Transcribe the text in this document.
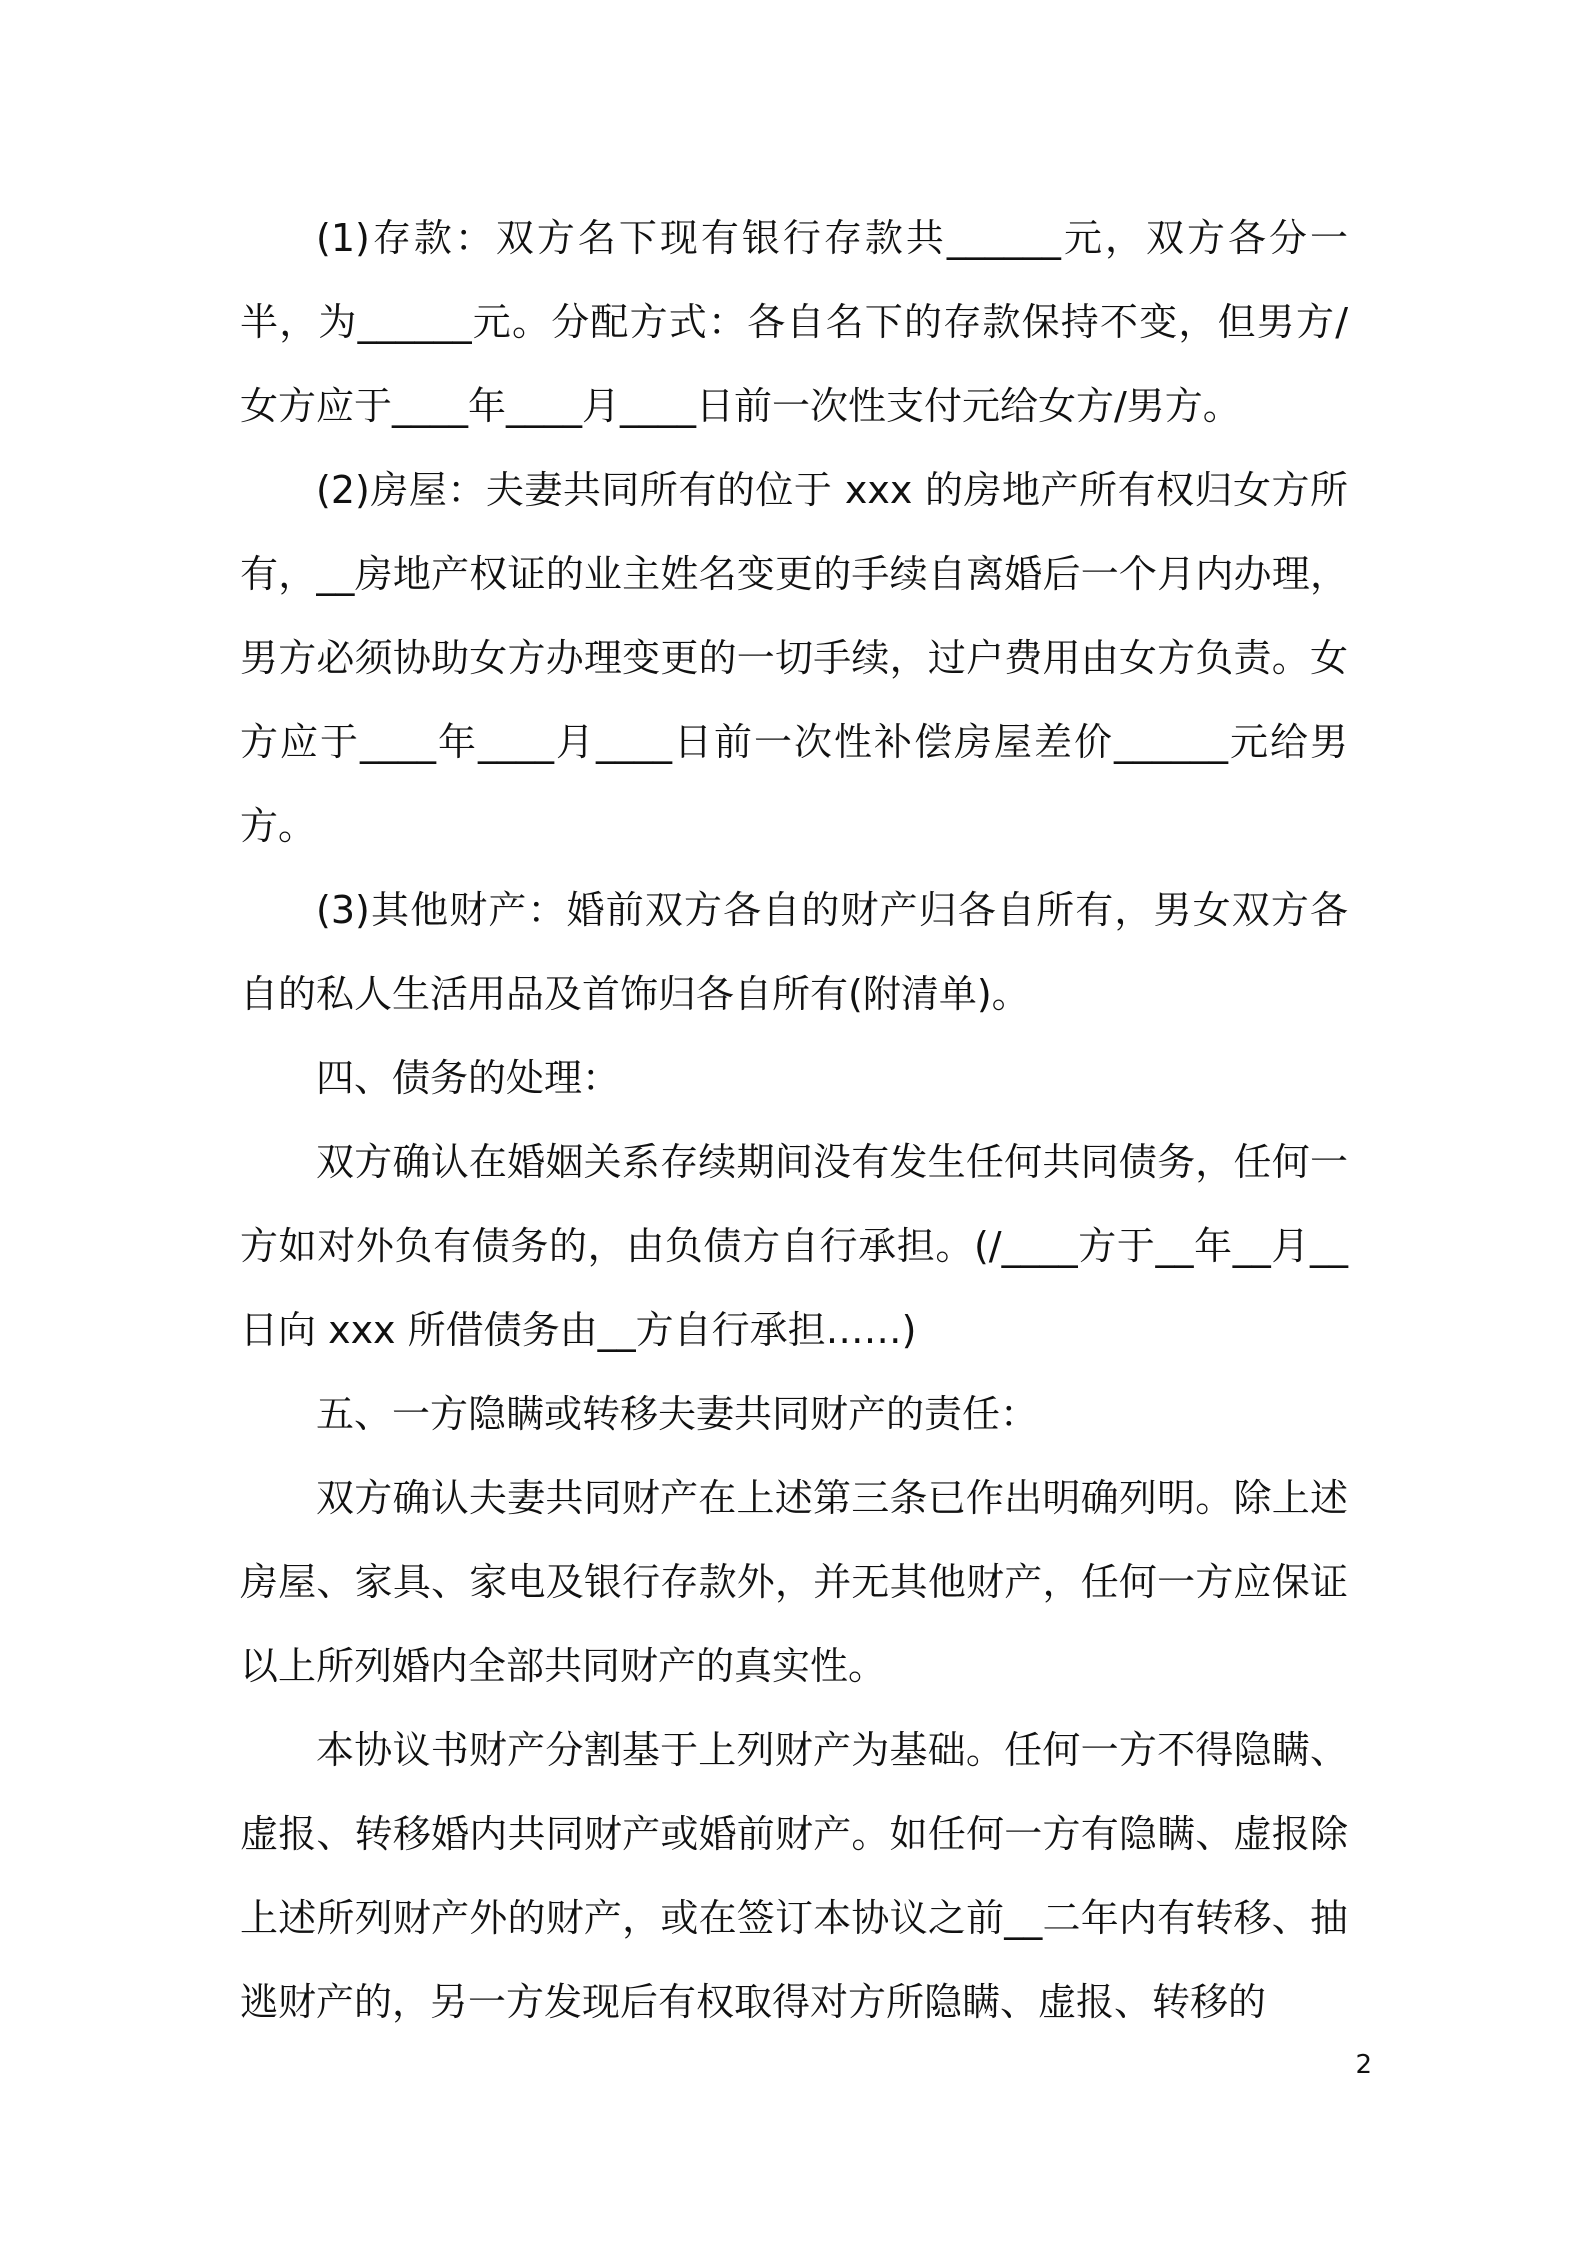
(1)存款：双方名下现有银行存款共______元，双方各分一半，为______元。分配方式：各自名下的存款保持不变，但男方/女方应于____年____月____日前一次性支付元给女方/男方。

(2)房屋：夫妻共同所有的位于 xxx 的房地产所有权归女方所有，__房地产权证的业主姓名变更的手续自离婚后一个月内办理，男方必须协助女方办理变更的一切手续，过户费用由女方负责。女方应于____年____月____日前一次性补偿房屋差价______元给男方。

(3)其他财产：婚前双方各自的财产归各自所有，男女双方各自的私人生活用品及首饰归各自所有(附清单)。

四、债务的处理：

双方确认在婚姻关系存续期间没有发生任何共同债务，任何一方如对外负有债务的，由负债方自行承担。(/____方于__年__月__日向 xxx 所借债务由__方自行承担……)

五、一方隐瞒或转移夫妻共同财产的责任：

双方确认夫妻共同财产在上述第三条已作出明确列明。除上述房屋、家具、家电及银行存款外，并无其他财产，任何一方应保证以上所列婚内全部共同财产的真实性。

本协议书财产分割基于上列财产为基础。任何一方不得隐瞒、虚报、转移婚内共同财产或婚前财产。如任何一方有隐瞒、虚报除上述所列财产外的财产，或在签订本协议之前__二年内有转移、抽逃财产的，另一方发现后有权取得对方所隐瞒、虚报、转移的

2
